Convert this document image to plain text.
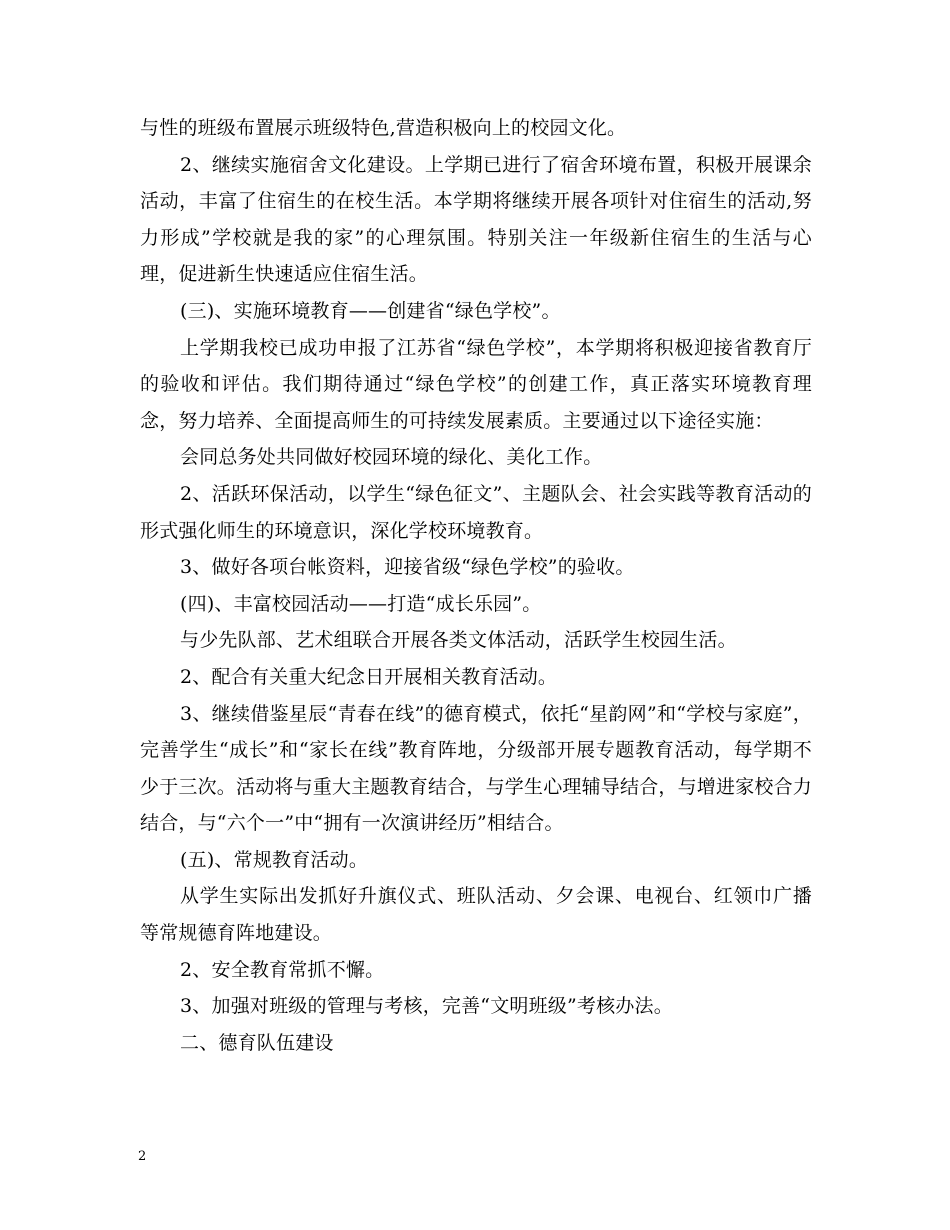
与性的班级布置展示班级特色,营造积极向上的校园文化。

2、继续实施宿舍文化建设。上学期已进行了宿舍环境布置，积极开展课余活动，丰富了住宿生的在校生活。本学期将继续开展各项针对住宿生的活动,努力形成”学校就是我的家”的心理氛围。特别关注一年级新住宿生的生活与心理，促进新生快速适应住宿生活。

(三)、实施环境教育——创建省“绿色学校”。

上学期我校已成功申报了江苏省“绿色学校”，本学期将积极迎接省教育厅的验收和评估。我们期待通过“绿色学校”的创建工作，真正落实环境教育理念，努力培养、全面提高师生的可持续发展素质。主要通过以下途径实施：

会同总务处共同做好校园环境的绿化、美化工作。

2、活跃环保活动，以学生“绿色征文”、主题队会、社会实践等教育活动的形式强化师生的环境意识，深化学校环境教育。

3、做好各项台帐资料，迎接省级“绿色学校”的验收。

(四)、丰富校园活动——打造“成长乐园”。

与少先队部、艺术组联合开展各类文体活动，活跃学生校园生活。

2、配合有关重大纪念日开展相关教育活动。

3、继续借鉴星辰“青春在线”的德育模式，依托“星韵网”和“学校与家庭”，完善学生“成长”和“家长在线”教育阵地，分级部开展专题教育活动，每学期不少于三次。活动将与重大主题教育结合，与学生心理辅导结合，与增进家校合力结合，与“六个一”中“拥有一次演讲经历”相结合。

(五)、常规教育活动。

从学生实际出发抓好升旗仪式、班队活动、夕会课、电视台、红领巾广播等常规德育阵地建设。

2、安全教育常抓不懈。

3、加强对班级的管理与考核，完善“文明班级”考核办法。

二、德育队伍建设

2
